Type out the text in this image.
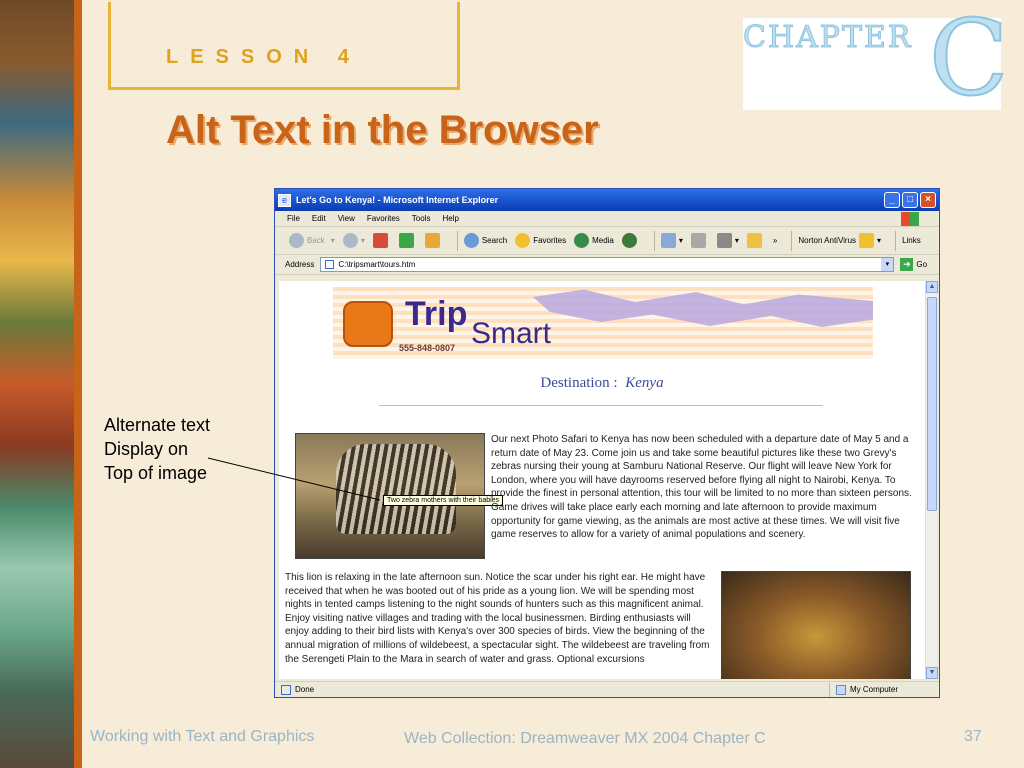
LESSON 4
CHAPTER C
Alt Text in the Browser
Alternate text
Display on
Top of image
e	Let's Go to Kenya! - Microsoft Internet Explorer	_	□	×
File Edit View Favorites Tools Help
Back ▾	▾	Search	Favorites	Media	▾	▾	»	Norton AntiVirus	▾	Links
Address	C:\tripsmart\tours.htm	▾	➜ Go
Trip
Smart
555-848-0807
Destination : Kenya
Two zebra mothers with their babies
Our next Photo Safari to Kenya has now been scheduled with a departure date of May 5 and a return date of May 23. Come join us and take some beautiful pictures like these two Grevy's zebras nursing their young at Samburu National Reserve. Our flight will leave New York for London, where you will have dayrooms reserved before flying all night to Nairobi, Kenya. To provide the finest in personal attention, this tour will be limited to no more than sixteen persons. Game drives will take place early each morning and late afternoon to provide maximum opportunity for game viewing, as the animals are most active at these times. We will visit five game reserves to allow for a variety of animal populations and scenery.
This lion is relaxing in the late afternoon sun. Notice the scar under his right ear. He might have received that when he was booted out of his pride as a young lion. We will be spending most nights in tented camps listening to the night sounds of hunters such as this magnificent animal. Enjoy visiting native villages and trading with the local businessmen. Birding enthusiasts will enjoy adding to their bird lists with Kenya's over 300 species of birds. View the beginning of the annual migration of millions of wildebeest, a spectacular sight. The wildebeest are traveling from the Serengeti Plain to the Mara in search of water and grass. Optional excursions
▲
▼
Done	My Computer
Working with Text and Graphics	Web Collection: Dreamweaver MX 2004 Chapter C	37
